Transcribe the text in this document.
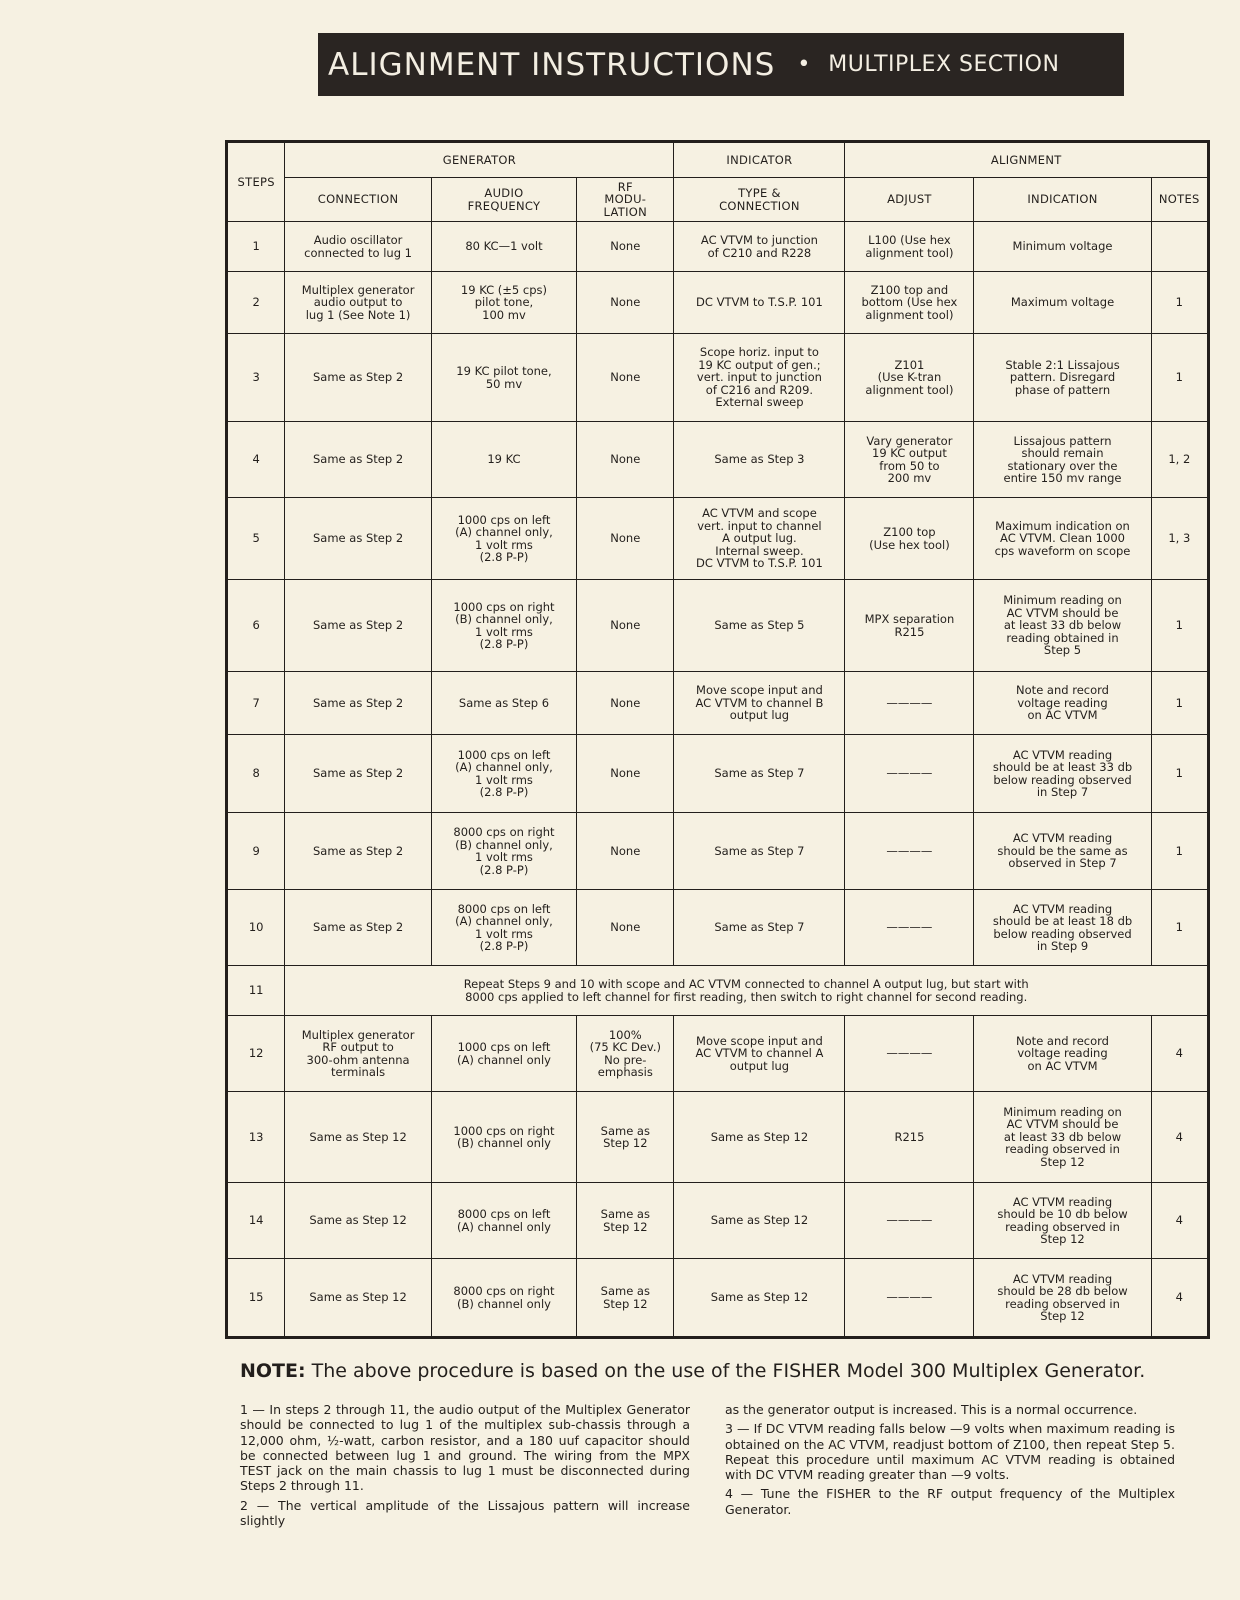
ALIGNMENT INSTRUCTIONS • MULTIPLEX SECTION
STEPS	GENERATOR			INDICATOR	ALIGNMENT		
	CONNECTION	AUDIO
FREQUENCY	RF
MODU-
LATION	TYPE &
CONNECTION	ADJUST	INDICATION	NOTES
1	Audio oscillator
connected to lug 1	80 KC—1 volt	None	AC VTVM to junction
of C210 and R228	L100 (Use hex
alignment tool)	Minimum voltage	
2	Multiplex generator
audio output to
lug 1 (See Note 1)	19 KC (±5 cps)
pilot tone,
100 mv	None	DC VTVM to T.S.P. 101	Z100 top and
bottom (Use hex
alignment tool)	Maximum voltage	1
3	Same as Step 2	19 KC pilot tone,
50 mv	None	Scope horiz. input to
19 KC output of gen.;
vert. input to junction
of C216 and R209.
External sweep	Z101
(Use K-tran
alignment tool)	Stable 2:1 Lissajous
pattern. Disregard
phase of pattern	1
4	Same as Step 2	19 KC	None	Same as Step 3	Vary generator
19 KC output
from 50 to
200 mv	Lissajous pattern
should remain
stationary over the
entire 150 mv range	1, 2
5	Same as Step 2	1000 cps on left
(A) channel only,
1 volt rms
(2.8 P-P)	None	AC VTVM and scope
vert. input to channel
A output lug.
Internal sweep.
DC VTVM to T.S.P. 101	Z100 top
(Use hex tool)	Maximum indication on
AC VTVM. Clean 1000
cps waveform on scope	1, 3
6	Same as Step 2	1000 cps on right
(B) channel only,
1 volt rms
(2.8 P-P)	None	Same as Step 5	MPX separation
R215	Minimum reading on
AC VTVM should be
at least 33 db below
reading obtained in
Step 5	1
7	Same as Step 2	Same as Step 6	None	Move scope input and
AC VTVM to channel B
output lug	————	Note and record
voltage reading
on AC VTVM	1
8	Same as Step 2	1000 cps on left
(A) channel only,
1 volt rms
(2.8 P-P)	None	Same as Step 7	————	AC VTVM reading
should be at least 33 db
below reading observed
in Step 7	1
9	Same as Step 2	8000 cps on right
(B) channel only,
1 volt rms
(2.8 P-P)	None	Same as Step 7	————	AC VTVM reading
should be the same as
observed in Step 7	1
10	Same as Step 2	8000 cps on left
(A) channel only,
1 volt rms
(2.8 P-P)	None	Same as Step 7	————	AC VTVM reading
should be at least 18 db
below reading observed
in Step 9	1
11	Repeat Steps 9 and 10 with scope and AC VTVM connected to channel A output lug, but start with
8000 cps applied to left channel for first reading, then switch to right channel for second reading.						
12	Multiplex generator
RF output to
300-ohm antenna
terminals	1000 cps on left
(A) channel only	100%
(75 KC Dev.)
No pre-
emphasis	Move scope input and
AC VTVM to channel A
output lug	————	Note and record
voltage reading
on AC VTVM	4
13	Same as Step 12	1000 cps on right
(B) channel only	Same as
Step 12	Same as Step 12	R215	Minimum reading on
AC VTVM should be
at least 33 db below
reading observed in
Step 12	4
14	Same as Step 12	8000 cps on left
(A) channel only	Same as
Step 12	Same as Step 12	————	AC VTVM reading
should be 10 db below
reading observed in
Step 12	4
15	Same as Step 12	8000 cps on right
(B) channel only	Same as
Step 12	Same as Step 12	————	AC VTVM reading
should be 28 db below
reading observed in
Step 12	4
NOTE: The above procedure is based on the use of the FISHER Model 300 Multiplex Generator.

1 — In steps 2 through 11, the audio output of the Multiplex Generator should be connected to lug 1 of the multiplex sub-chassis through a 12,000 ohm, ½-watt, carbon resistor, and a 180 uuf capacitor should be connected between lug 1 and ground. The wiring from the MPX TEST jack on the main chassis to lug 1 must be disconnected during Steps 2 through 11.

2 — The vertical amplitude of the Lissajous pattern will increase slightly

as the generator output is increased. This is a normal occurrence.

3 — If DC VTVM reading falls below —9 volts when maximum reading is obtained on the AC VTVM, readjust bottom of Z100, then repeat Step 5. Repeat this procedure until maximum AC VTVM reading is obtained with DC VTVM reading greater than —9 volts.

4 — Tune the FISHER to the RF output frequency of the Multiplex Generator.
